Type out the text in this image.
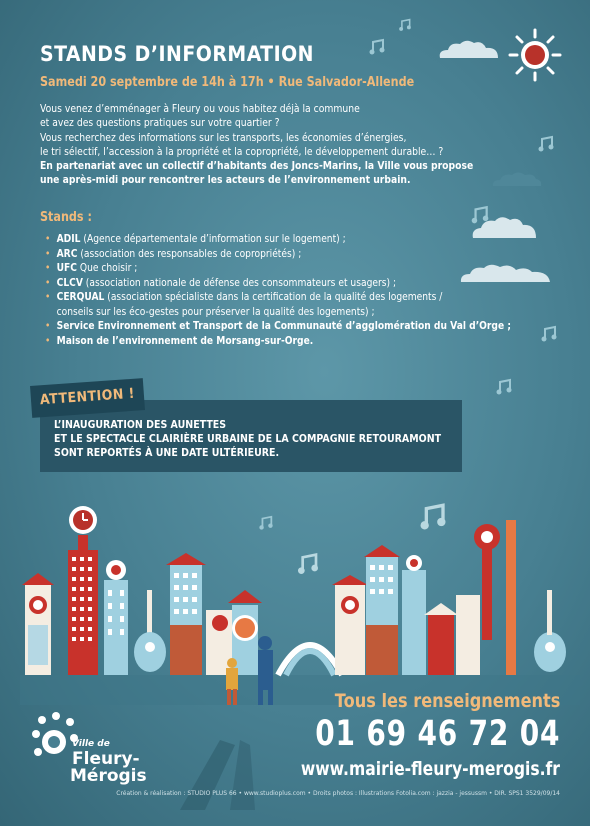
STANDS D’INFORMATION
Samedi 20 septembre de 14h à 17h • Rue Salvador-Allende

Vous venez d’emménager à Fleury ou vous habitez déjà la commune

et avez des questions pratiques sur votre quartier ?

Vous recherchez des informations sur les transports, les économies d’énergies,

le tri sélectif, l’accession à la propriété et la copropriété, le développement durable… ?

En partenariat avec un collectif d’habitants des Joncs-Marins, la Ville vous propose

une après-midi pour rencontrer les acteurs de l’environnement urbain.

Stands :
• ADIL (Agence départementale d’information sur le logement) ;
• ARC (association des responsables de copropriétés) ;
• UFC Que choisir ;
• CLCV (association nationale de défense des consommateurs et usagers) ;
• CERQUAL (association spécialiste dans la certification de la qualité des logements /
conseils sur les éco-gestes pour préserver la qualité des logements) ;
• Service Environnement et Transport de la Communauté d’agglomération du Val d’Orge ;
• Maison de l’environnement de Morsang-sur-Orge.
ATTENTION !

L’INAUGURATION DES AUNETTES

ET LE SPECTACLE CLAIRIÈRE URBAINE DE LA COMPAGNIE RETOURAMONT

SONT REPORTÉS À UNE DATE ULTÉRIEURE.

Ville de
Fleury-
Mérogis
Tous les renseignements
01 69 46 72 04
www.mairie-fleury-merogis.fr
Création & réalisation : STUDIO PLUS 66 • www.studioplus.com • Droits photos : Illustrations Fotolia.com : jazzia - jessussm • DIR. SPS1 3529/09/14
